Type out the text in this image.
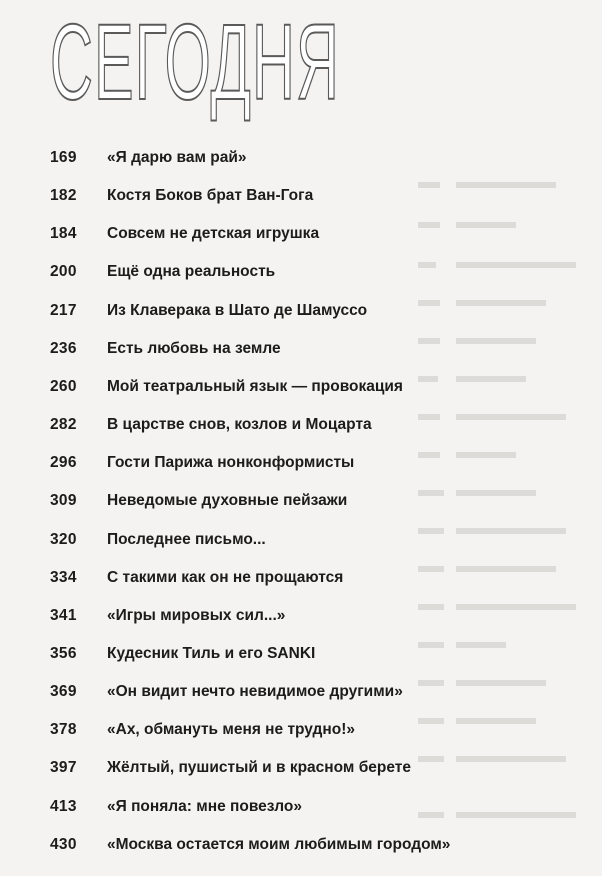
СЕГОДНЯ
169	«Я дарю вам рай»
182	Костя Боков брат Ван-Гога
184	Совсем не детская игрушка
200	Ещё одна реальность
217	Из Клаверака в Шато де Шамуссо
236	Есть любовь на земле
260	Мой театральный язык — провокация
282	В царстве снов, козлов и Моцарта
296	Гости Парижа нонконформисты
309	Неведомые духовные пейзажи
320	Последнее письмо...
334	С такими как он не прощаются
341	«Игры мировых сил...»
356	Кудесник Тиль и его SANKI
369	«Он видит нечто невидимое другими»
378	«Ах, обмануть меня не трудно!»
397	Жёлтый, пушистый и в красном берете
413	«Я поняла: мне повезло»
430	«Москва остается моим любимым городом»
